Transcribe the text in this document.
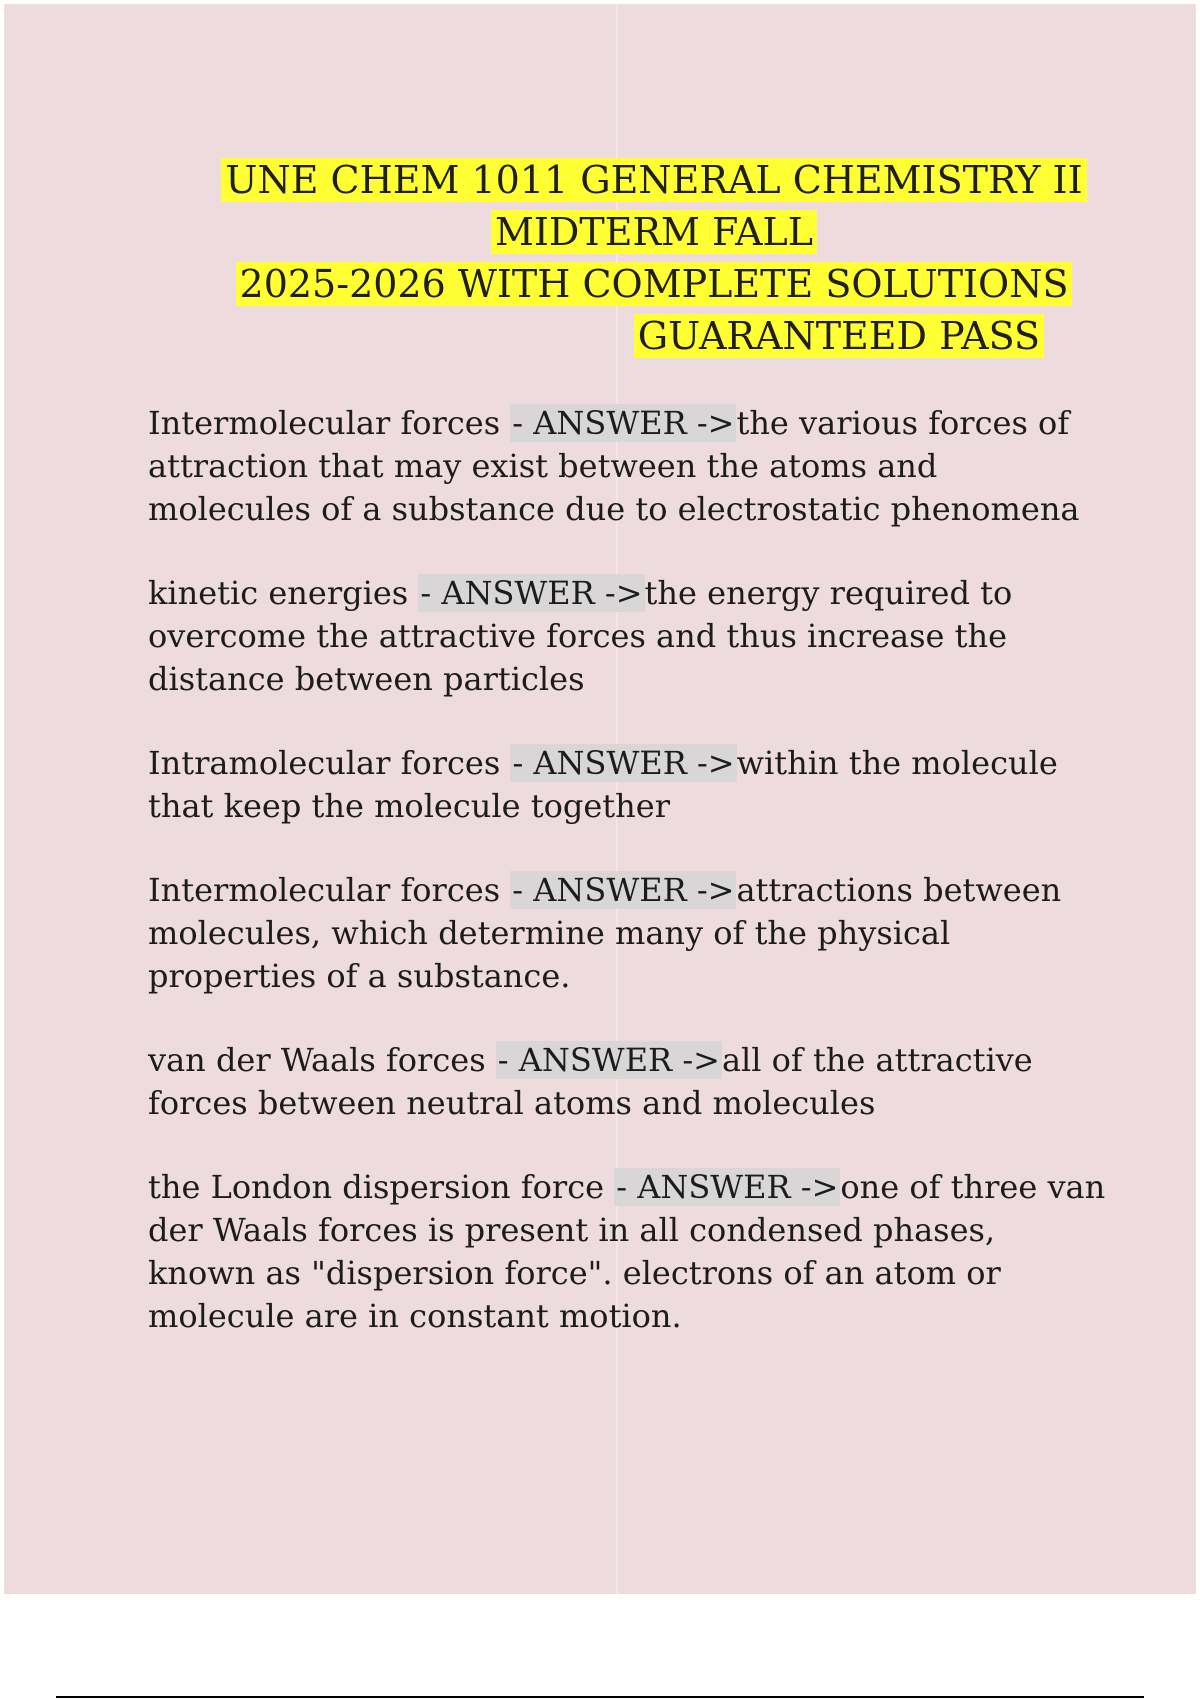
UNE CHEM 1011 GENERAL CHEMISTRY II
MIDTERM FALL
2025-2026 WITH COMPLETE SOLUTIONS
GUARANTEED PASS

Intermolecular forces - ANSWER ->the various forces of attraction that may exist between the atoms and molecules of a substance due to electrostatic phenomena

kinetic energies - ANSWER ->the energy required to overcome the attractive forces and thus increase the distance between particles

Intramolecular forces - ANSWER ->within the molecule that keep the molecule together

Intermolecular forces - ANSWER ->attractions between molecules, which determine many of the physical properties of a substance.

van der Waals forces - ANSWER ->all of the attractive forces between neutral atoms and molecules

the London dispersion force - ANSWER ->one of three van der Waals forces is present in all condensed phases, known as "dispersion force". electrons of an atom or molecule are in constant motion.
